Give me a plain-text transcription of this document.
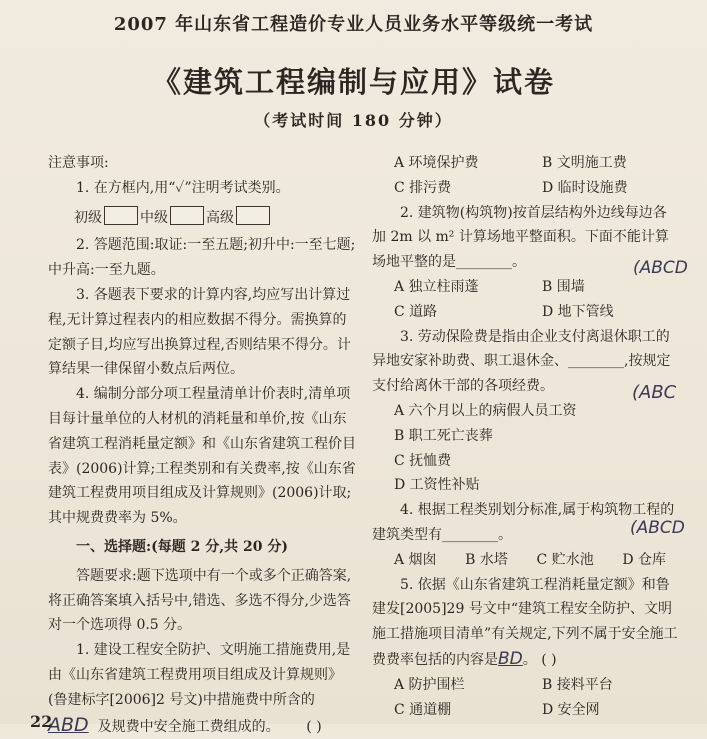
2007 年山东省工程造价专业人员业务水平等级统一考试
《建筑工程编制与应用》试卷
（考试时间 180 分钟）

注意事项:

1. 在方框内,用“✓”注明考试类别。

初级	中级	高级

2. 答题范围:取证:一至五题;初升中:一至七题;中升高:一至九题。

3. 各题表下要求的计算内容,均应写出计算过程,无计算过程表内的相应数据不得分。需换算的定额子目,均应写出换算过程,否则结果不得分。计算结果一律保留小数点后两位。

4. 编制分部分项工程量清单计价表时,清单项目每计量单位的人材机的消耗量和单价,按《山东省建筑工程消耗量定额》和《山东省建筑工程价目表》(2006)计算;工程类别和有关费率,按《山东省建筑工程费用项目组成及计算规则》(2006)计取;其中规费费率为 5%。

一、选择题:(每题 2 分,共 20 分)

答题要求:题下选项中有一个或多个正确答案,将正确答案填入括号中,错选、多选不得分,少选答对一个选项得 0.5 分。

1. 建设工程安全防护、文明施工措施费用,是由《山东省建筑工程费用项目组成及计算规则》(鲁建标字[2006]2 号文)中措施费中所含的

ABD 及规费中安全施工费组成的。 ( )

A 环境保护费	B 文明施工费
C 排污费	D 临时设施费

2. 建筑物(构筑物)按首层结构外边线每边各加 2m 以 m² 计算场地平整面积。下面不能计算场地平整的是________。

A 独立柱雨蓬	B 围墙
C 道路	D 地下管线

3. 劳动保险费是指由企业支付离退休职工的异地安家补助费、职工退休金、________,按规定支付给离休干部的各项经费。

A 六个月以上的病假人员工资

B 职工死亡丧葬

C 抚恤费

D 工资性补贴

4. 根据工程类别划分标准,属于构筑物工程的建筑类型有________。

A 烟囱 B 水塔 C 贮水池 D 仓库

5. 依据《山东省建筑工程消耗量定额》和鲁建发[2005]29 号文中“建筑工程安全防护、文明施工措施项目清单”有关规定,下列不属于安全施工费费率包括的内容是BD。 ( )

A 防护围栏	B 接料平台
C 通道棚	D 安全网
(ABCD
(ABC
(ABCD
22
